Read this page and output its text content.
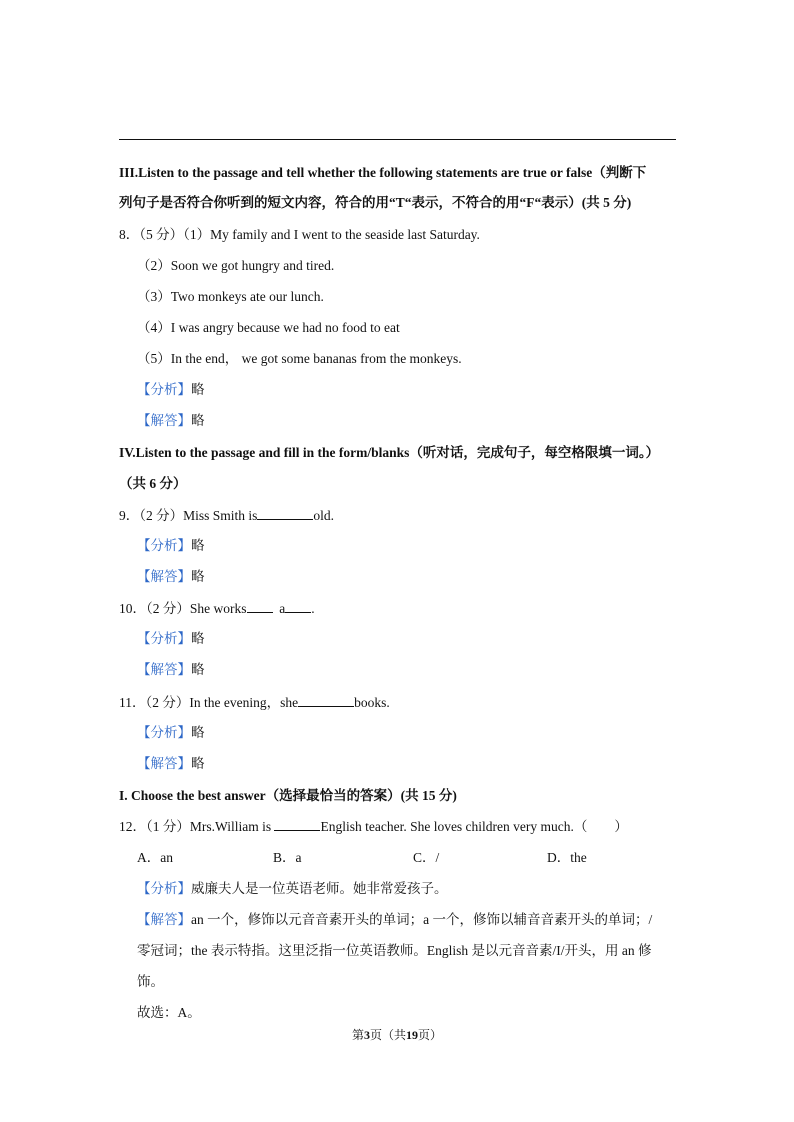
III.Listen to the passage and tell whether the following statements are true or false（判断下
列句子是否符合你听到的短文内容，符合的用“T“表示，不符合的用“F“表示）(共 5 分)
8．（5 分）（1）My family and I went to the seaside last Saturday.
（2）Soon we got hungry and tired.
（3）Two monkeys ate our lunch.
（4）I was angry because we had no food to eat
（5）In the end， we got some bananas from the monkeys.
【分析】略
【解答】略
IV.Listen to the passage and fill in the form/blanks（听对话，完成句子，每空格限填一词。）
（共 6 分）
9．（2 分）Miss Smith is	old.
【分析】略
【解答】略
10．（2 分）She works a .
【分析】略
【解答】略
11．（2 分）In the evening，she	books.
【分析】略
【解答】略
I. Choose the best answer（选择最恰当的答案）(共 15 分)
12．（1 分）Mrs.William is	English teacher. She loves children very much.（　　）
A．an	B．a	C．/	D．the
【分析】威廉夫人是一位英语老师。她非常爱孩子。
【解答】an 一个，修饰以元音音素开头的单词；a 一个，修饰以辅音音素开头的单词；/
零冠词；the 表示特指。这里泛指一位英语教师。English 是以元音音素/I/开头，用 an 修
饰。
故选：A。
第3页（共19页）
